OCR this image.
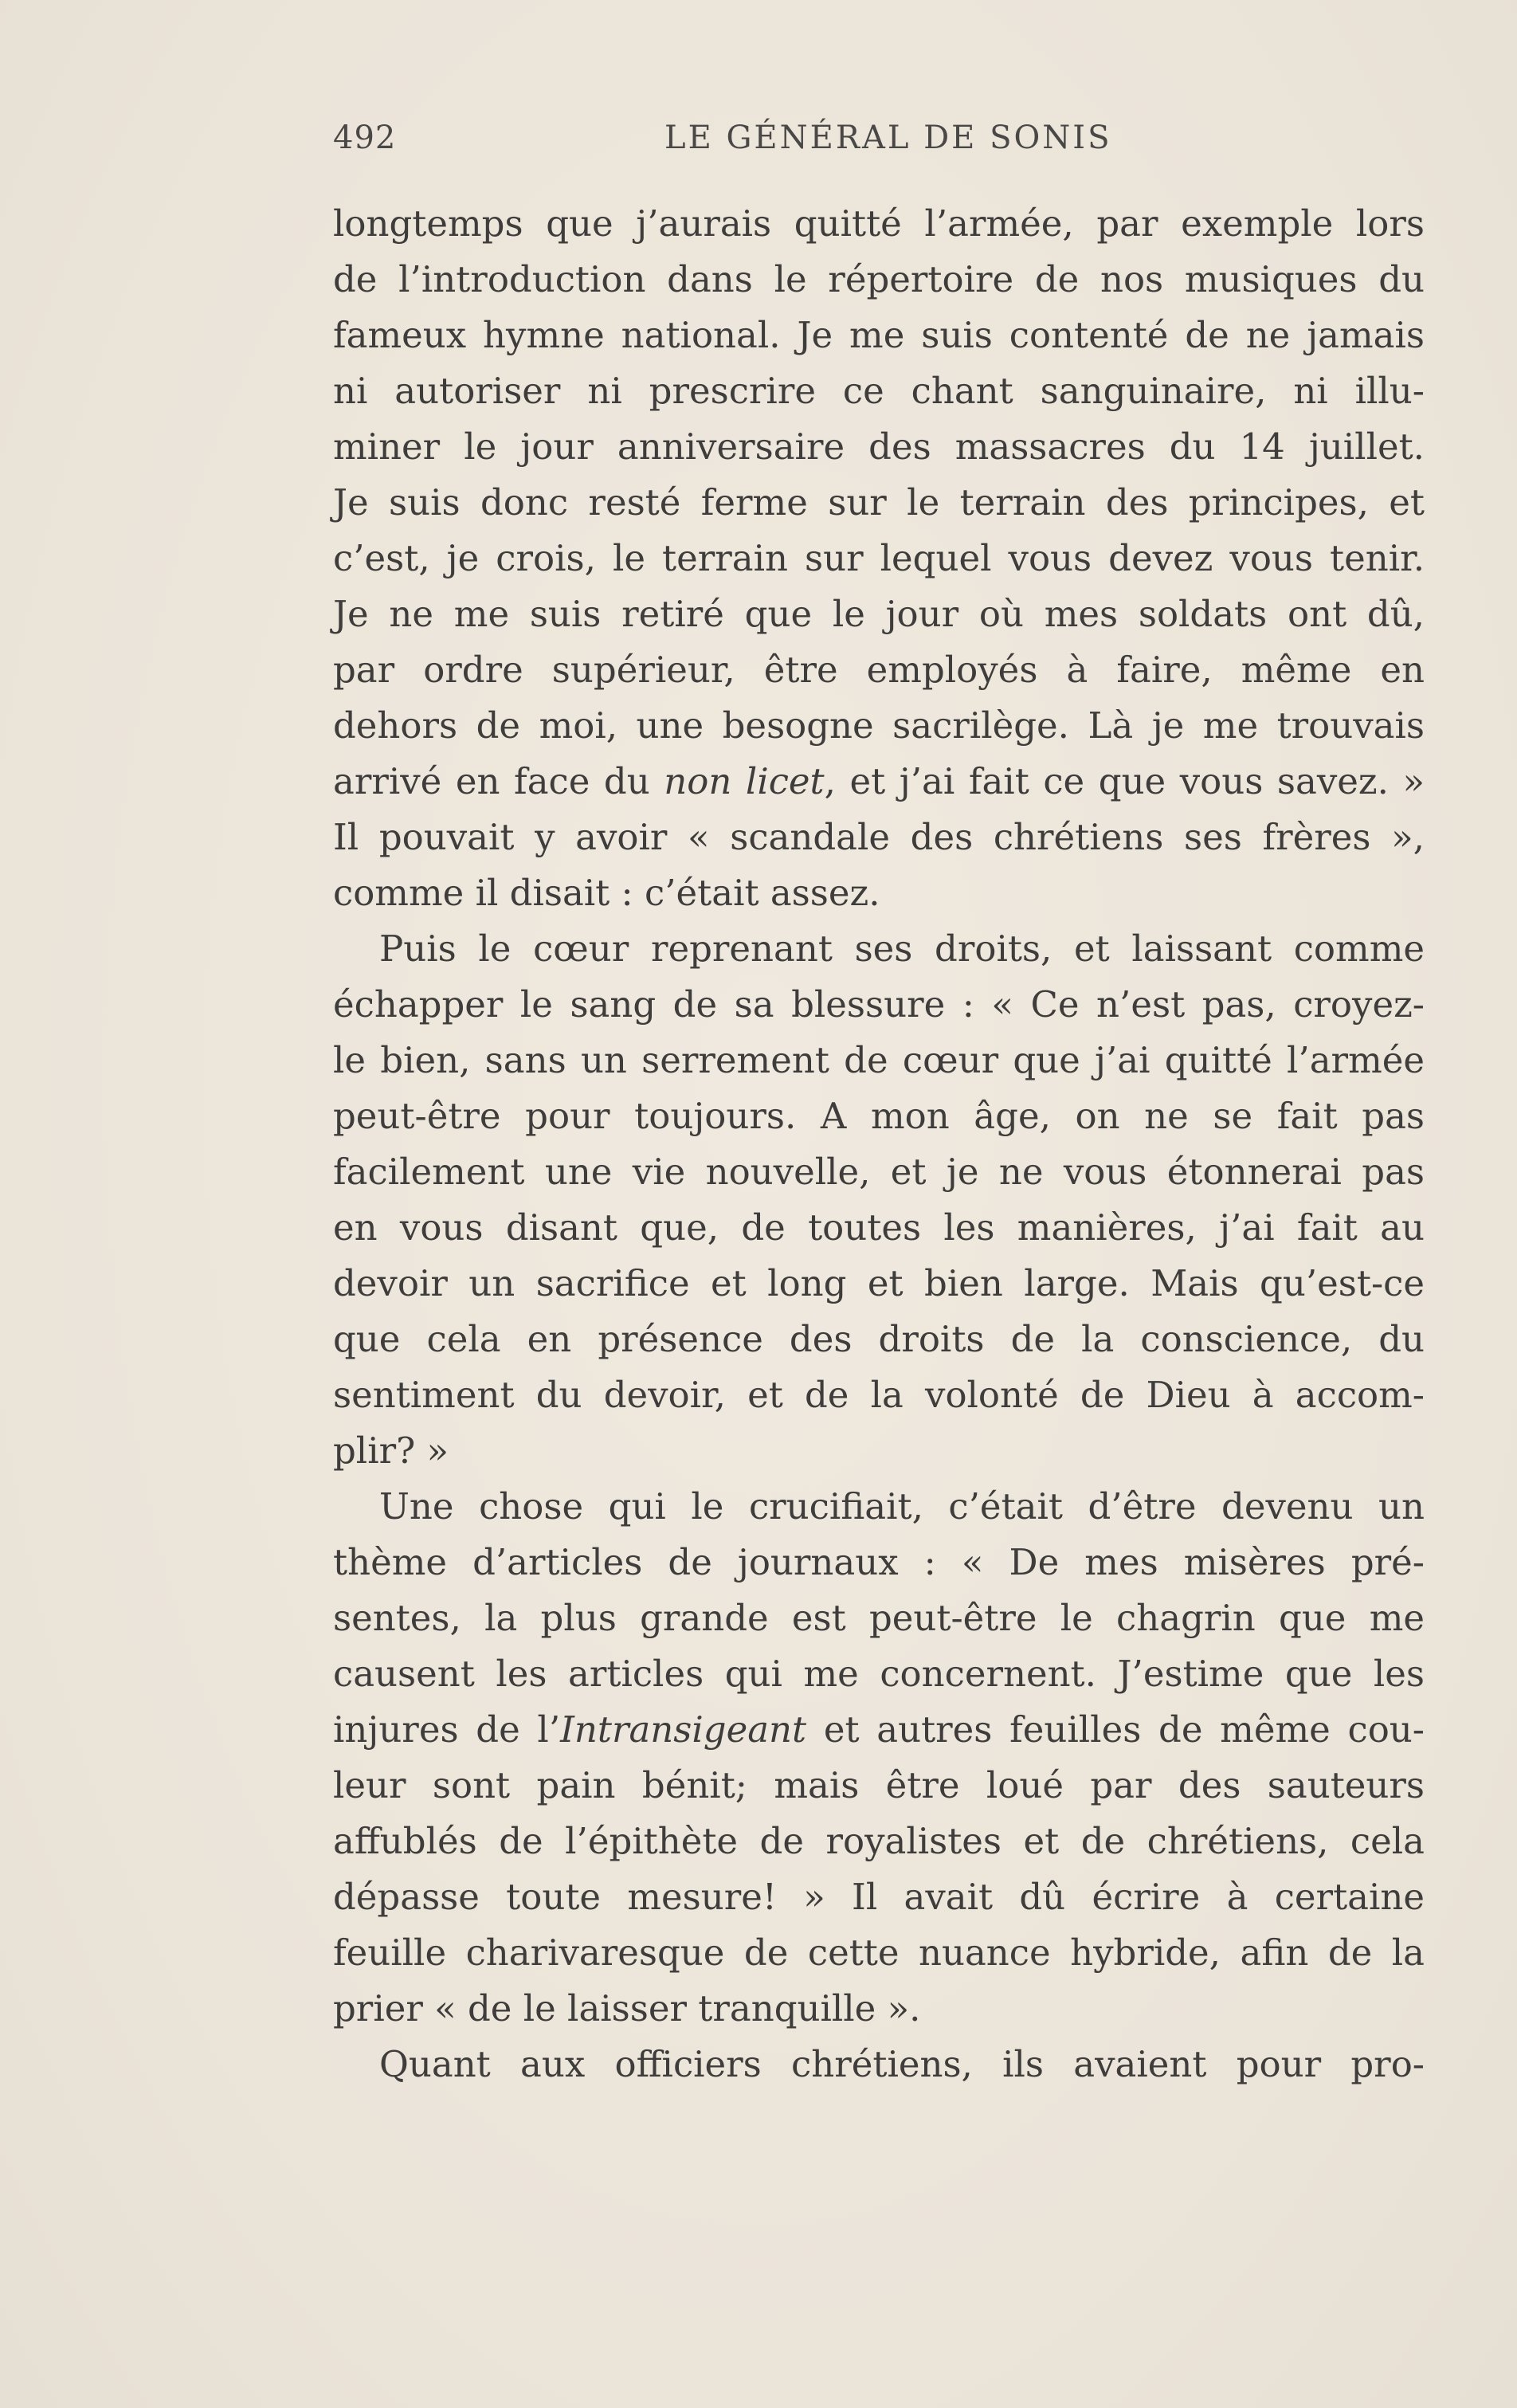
492	LE GÉNÉRAL DE SONIS
longtemps que j’aurais quitté l’armée, par exemple lors
de l’introduction dans le répertoire de nos musiques du
fameux hymne national. Je me suis contenté de ne jamais
ni autoriser ni prescrire ce chant sanguinaire, ni illu-
miner le jour anniversaire des massacres du 14 juillet.
Je suis donc resté ferme sur le terrain des principes, et
c’est, je crois, le terrain sur lequel vous devez vous tenir.
Je ne me suis retiré que le jour où mes soldats ont dû,
par ordre supérieur, être employés à faire, même en
dehors de moi, une besogne sacrilège. Là je me trouvais
arrivé en face du non licet, et j’ai fait ce que vous savez. »
Il pouvait y avoir « scandale des chrétiens ses frères »,
comme il disait : c’était assez.
Puis le cœur reprenant ses droits, et laissant comme
échapper le sang de sa blessure : « Ce n’est pas, croyez-
le bien, sans un serrement de cœur que j’ai quitté l’armée
peut-être pour toujours. A mon âge, on ne se fait pas
facilement une vie nouvelle, et je ne vous étonnerai pas
en vous disant que, de toutes les manières, j’ai fait au
devoir un sacrifice et long et bien large. Mais qu’est-ce
que cela en présence des droits de la conscience, du
sentiment du devoir, et de la volonté de Dieu à accom-
plir? »
Une chose qui le crucifiait, c’était d’être devenu un
thème d’articles de journaux : « De mes misères pré-
sentes, la plus grande est peut-être le chagrin que me
causent les articles qui me concernent. J’estime que les
injures de l’Intransigeant et autres feuilles de même cou-
leur sont pain bénit; mais être loué par des sauteurs
affublés de l’épithète de royalistes et de chrétiens, cela
dépasse toute mesure! » Il avait dû écrire à certaine
feuille charivaresque de cette nuance hybride, afin de la
prier « de le laisser tranquille ».
Quant aux officiers chrétiens, ils avaient pour pro-
